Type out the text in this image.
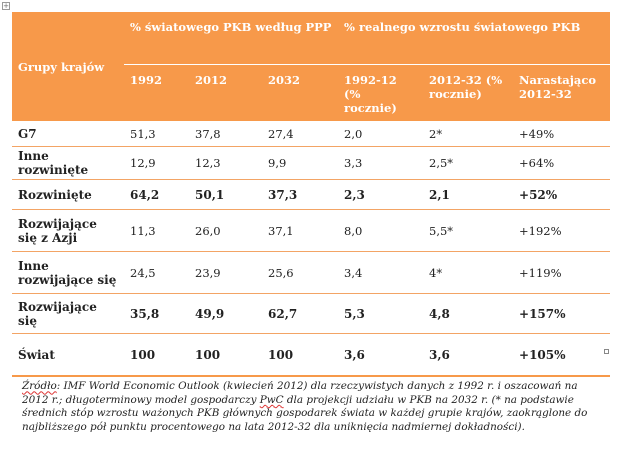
+
Grupy krajów	% światowego PKB według PPP			% realnego wzrostu światowego PKB		
	1992	2012	2032	1992-12 (% rocznie)	2012-32 (% rocznie)	Narastająco 2012-32
G7	51,3	37,8	27,4	2,0	2*	+49%
Inne rozwinięte	12,9	12,3	9,9	3,3	2,5*	+64%
Rozwinięte	64,2	50,1	37,3	2,3	2,1	+52%
Rozwijające się z Azji	11,3	26,0	37,1	8,0	5,5*	+192%
Inne rozwijające się	24,5	23,9	25,6	3,4	4*	+119%
Rozwijające się	35,8	49,9	62,7	5,3	4,8	+157%
Świat	100	100	100	3,6	3,6	+105%

Źródło: IMF World Economic Outlook (kwiecień 2012) dla rzeczywistych danych z 1992 r. i oszacowań na 2012 r.; długoterminowy model gospodarczy PwC dla projekcji udziału w PKB na 2032 r. (* na podstawie średnich stóp wzrostu ważonych PKB głównych gospodarek świata w każdej grupie krajów, zaokrąglone do najbliższego pół punktu procentowego na lata 2012-32 dla uniknięcia nadmiernej dokładności).
